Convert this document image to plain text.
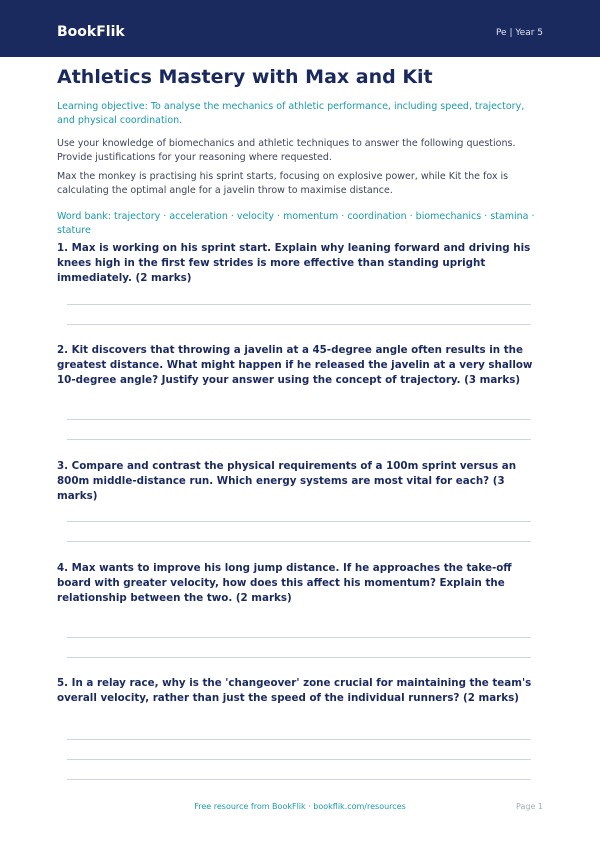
BookFlik	Pe | Year 5
Athletics Mastery with Max and Kit
Learning objective: To analyse the mechanics of athletic performance, including speed, trajectory, and physical coordination.
Use your knowledge of biomechanics and athletic techniques to answer the following questions. Provide justifications for your reasoning where requested.
Max the monkey is practising his sprint starts, focusing on explosive power, while Kit the fox is calculating the optimal angle for a javelin throw to maximise distance.
Word bank: trajectory · acceleration · velocity · momentum · coordination · biomechanics · stamina · stature
1. Max is working on his sprint start. Explain why leaning forward and driving his knees high in the first few strides is more effective than standing upright immediately. (2 marks)
2. Kit discovers that throwing a javelin at a 45-degree angle often results in the greatest distance. What might happen if he released the javelin at a very shallow 10-degree angle? Justify your answer using the concept of trajectory. (3 marks)
3. Compare and contrast the physical requirements of a 100m sprint versus an 800m middle-distance run. Which energy systems are most vital for each? (3 marks)
4. Max wants to improve his long jump distance. If he approaches the take-off board with greater velocity, how does this affect his momentum? Explain the relationship between the two. (2 marks)
5. In a relay race, why is the 'changeover' zone crucial for maintaining the team's overall velocity, rather than just the speed of the individual runners? (2 marks)
Free resource from BookFlik · bookflik.com/resources	Page 1
